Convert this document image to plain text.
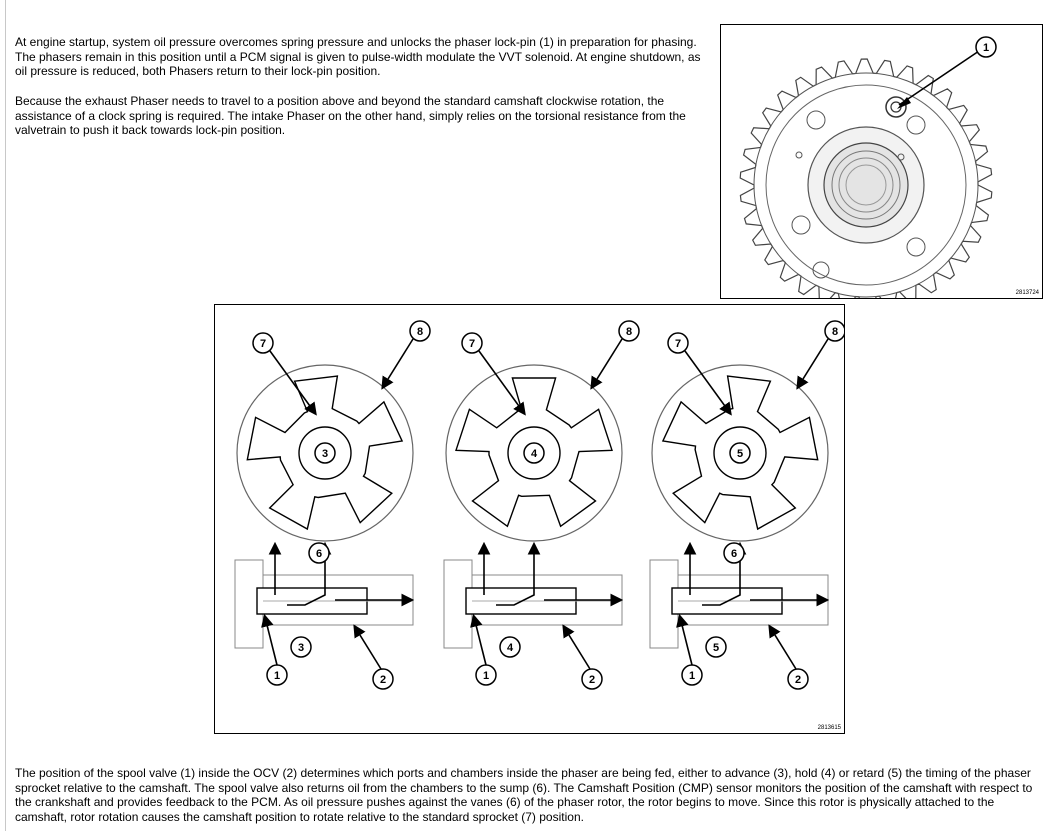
At engine startup, system oil pressure overcomes spring pressure and unlocks the phaser lock-pin (1) in preparation for phasing. The phasers remain in this position until a PCM signal is given to pulse-width modulate the VVT solenoid. At engine shutdown, as oil pressure is reduced, both Phasers return to their lock-pin position.

Because the exhaust Phaser needs to travel to a position above and beyond the standard camshaft clockwise rotation, the assistance of a clock spring is required. The intake Phaser on the other hand, simply relies on the torsional resistance from the valvetrain to push it back towards lock-pin position.

1
2813724
3
7
8
1
3
2
6
4
7
8
1
4
2
5
7
8
1
5
2
6
2813615

The position of the spool valve (1) inside the OCV (2) determines which ports and chambers inside the phaser are being fed, either to advance (3), hold (4) or retard (5) the timing of the phaser sprocket relative to the camshaft. The spool valve also returns oil from the chambers to the sump (6). The Camshaft Position (CMP) sensor monitors the position of the camshaft with respect to the crankshaft and provides feedback to the PCM. As oil pressure pushes against the vanes (6) of the phaser rotor, the rotor begins to move. Since this rotor is physically attached to the camshaft, rotor rotation causes the camshaft position to rotate relative to the standard sprocket (7) position.
